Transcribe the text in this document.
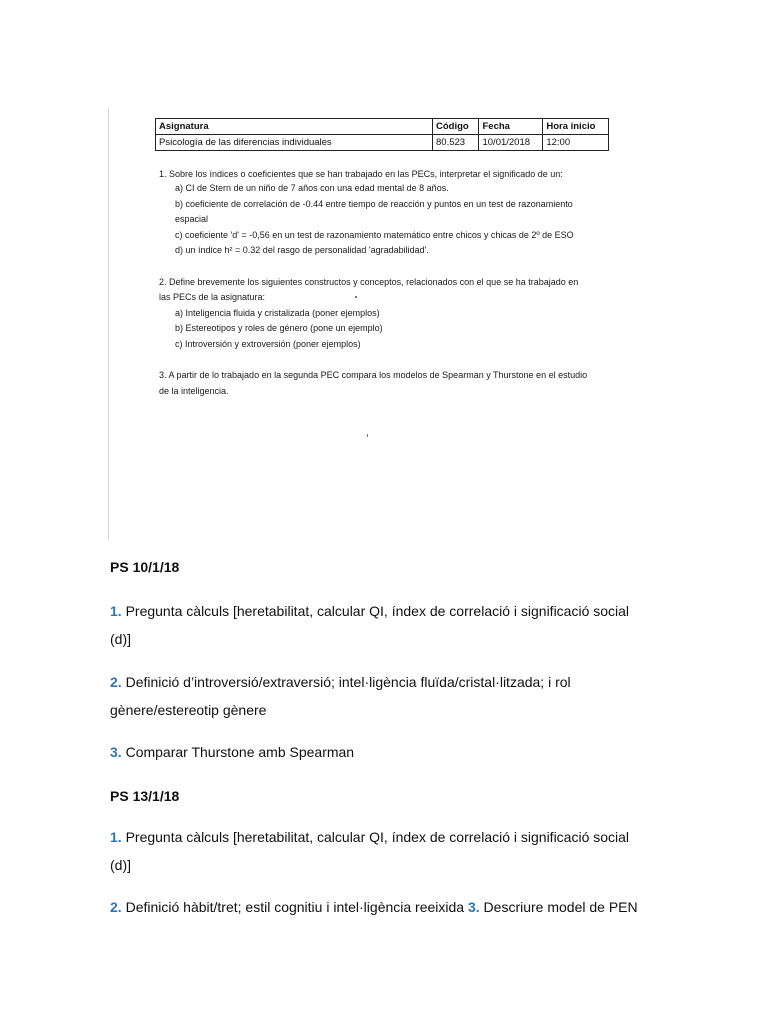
Asignatura	Código	Fecha	Hora inicio
Psicología de las diferencias individuales	80.523	10/01/2018	12:00
1. Sobre los índices o coeficientes que se han trabajado en las PECs, interpretar el significado de un:
a) CI de Stern de un niño de 7 años con una edad mental de 8 años.
b) coeficiente de correlación de -0.44 entre tiempo de reacción y puntos en un test de razonamiento
espacial
c) coeficiente 'd' = -0,56 en un test de razonamiento matemático entre chicos y chicas de 2º de ESO
d) un índice h² = 0.32 del rasgo de personalidad 'agradabilidad'.
2. Define brevemente los siguientes constructos y conceptos, relacionados con el que se ha trabajado en
las PECs de la asignatura:
a) Inteligencia fluida y cristalizada (poner ejemplos)
b) Estereotipos y roles de género (pone un ejemplo)
c) Introversión y extroversión (poner ejemplos)
3. A partir de lo trabajado en la segunda PEC compara los modelos de Spearman y Thurstone en el estudio
de la inteligencia.
PS 10/1/18
1. Pregunta càlculs [heretabilitat, calcular QI, índex de correlació i significació social
(d)]
2. Definició d’introversió/extraversió; intel·ligència fluïda/cristal·litzada; i rol
gènere/estereotip gènere
3. Comparar Thurstone amb Spearman
PS 13/1/18
1. Pregunta càlculs [heretabilitat, calcular QI, índex de correlació i significació social
(d)]
2. Definició hàbit/tret; estil cognitiu i intel·ligència reeixida 3. Descriure model de PEN
